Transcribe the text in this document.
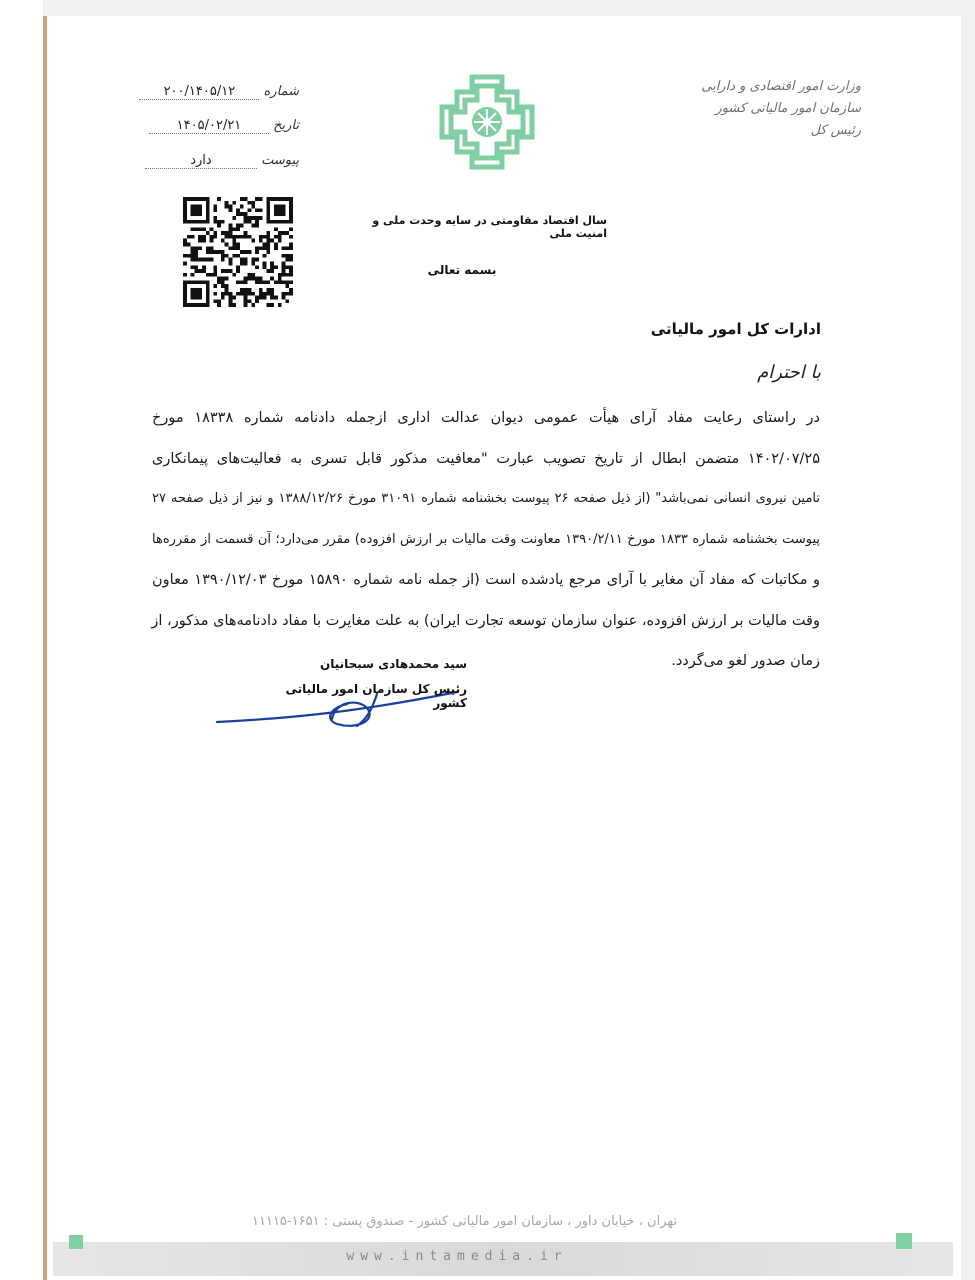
وزارت امور اقتصادی و دارایی
سازمان امور مالیاتی کشور
رئیس کل
شماره ۲۰۰/۱۴۰۵/۱۲
تاریخ ۱۴۰۵/۰۲/۲۱
پیوست دارد
سال اقتصاد مقاومتی در سایه وحدت ملی و امنیت ملی
بسمه تعالی
ادارات کل امور مالیاتی
با احترام
در راستای رعایت مفاد آرای هیأت عمومی دیوان عدالت اداری ازجمله دادنامه شماره ۱۸۳۳۸ مورخ
۱۴۰۲/۰۷/۲۵ متضمن ابطال از تاریخ تصویب عبارت "معافیت مذکور قابل تسری به فعالیت‌های پیمانکاری
تامین نیروی انسانی نمی‌باشد" (از ذیل صفحه ۲۶ پیوست بخشنامه شماره ۳۱۰۹۱ مورخ ۱۳۸۸/۱۲/۲۶ و نیز از ذیل صفحه ۲۷
پیوست بخشنامه شماره ۱۸۳۳ مورخ ۱۳۹۰/۲/۱۱ معاونت وقت مالیات بر ارزش افزوده) مقرر می‌دارد؛ آن قسمت از مقرره‌ها
و مکاتبات که مفاد آن مغایر با آرای مرجع یادشده است (از جمله نامه شماره ۱۵۸۹۰ مورخ ۱۳۹۰/۱۲/۰۳ معاون
وقت مالیات بر ارزش افزوده، عنوان سازمان توسعه تجارت ایران) به علت مغایرت با مفاد دادنامه‌های مذکور، از
زمان صدور لغو می‌گردد.
سید محمدهادی سبحانیان
رئیس کل سازمان امور مالیاتی کشور
تهران ، خیابان داور ، سازمان امور مالیاتی کشور - صندوق پستی : ۱۶۵۱-۱۱۱۱۵
www.intamedia.ir
